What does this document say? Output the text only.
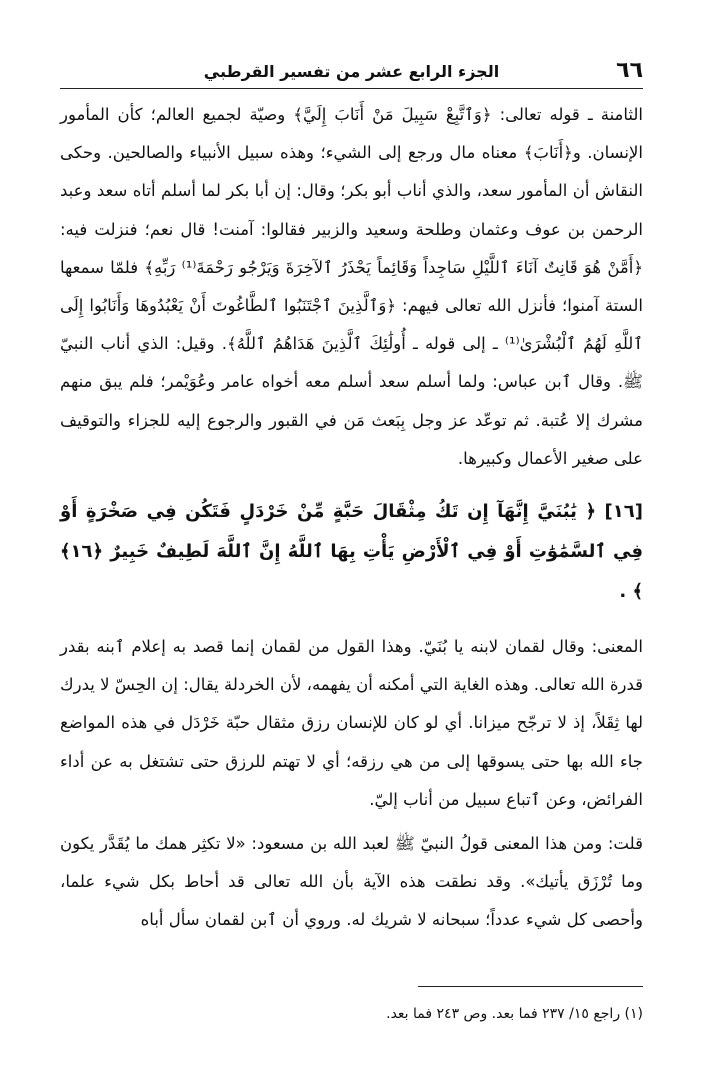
٦٦
الجزء الرابع عشر من تفسير القرطبي

الثامنة ـ قوله تعالى: ﴿وَٱتَّبِعْ سَبِيلَ مَنْ أَنَابَ إِلَيَّ﴾ وصيّة لجميع العالم؛ كأن المأمور الإنسان. و﴿أَنَابَ﴾ معناه مال ورجع إلى الشيء؛ وهذه سبيل الأنبياء والصالحين. وحكى النقاش أن المأمور سعد، والذي أناب أبو بكر؛ وقال: إن أبا بكر لما أسلم أتاه سعد وعبد الرحمن بن عوف وعثمان وطلحة وسعيد والزبير فقالوا: آمنت! قال نعم؛ فنزلت فيه: ﴿أَمَّنْ هُوَ قَانِتٌ آنَاءَ ٱللَّيْلِ سَاجِداً وَقَائِماً يَحْذَرُ ٱلآخِرَةَ وَيَرْجُو رَحْمَةَ⁽¹⁾ رَبِّهِ﴾ فلمّا سمعها الستة آمنوا؛ فأنزل الله تعالى فيهم: ﴿وَٱلَّذِينَ ٱجْتَنَبُوا ٱلطَّاغُوتَ أَنْ يَعْبُدُوهَا وَأَنَابُوا إِلَى ٱللَّهِ لَهُمُ ٱلْبُشْرَىٰ⁽¹⁾ ـ إلى قوله ـ أُولَٰئِكَ ٱلَّذِينَ هَدَاهُمُ ٱللَّهُ﴾. وقيل: الذي أناب النبيّ ﷺ. وقال ٱبن عباس: ولما أسلم سعد أسلم معه أخواه عامر وعُوَيْمر؛ فلم يبق منهم مشرك إلا عُتبة. ثم توعّد عز وجل بِبَعث مَن في القبور والرجوع إليه للجزاء والتوقيف على صغير الأعمال وكبيرها.

[١٦] ﴿ يَٰبُنَيَّ إِنَّهَآ إِن تَكُ مِثْقَالَ حَبَّةٍ مِّنْ خَرْدَلٍ فَتَكُن فِي صَخْرَةٍ أَوْ فِي ٱلسَّمَٰوَٰتِ أَوْ فِي ٱلْأَرْضِ يَأْتِ بِهَا ٱللَّهُ إِنَّ ٱللَّهَ لَطِيفٌ خَبِيرٌ ﴿١٦﴾ ﴾ .

المعنى: وقال لقمان لابنه يا بُنَيّ. وهذا القول من لقمان إنما قصد به إعلام ٱبنه بقدر قدرة الله تعالى. وهذه الغاية التي أمكنه أن يفهمه، لأن الخردلة يقال: إن الحِسّ لا يدرك لها ثِقَلاً، إذ لا ترجّح ميزانا. أي لو كان للإنسان رزق مثقال حبّة خَرْدَل في هذه المواضع جاء الله بها حتى يسوقها إلى من هي رزقه؛ أي لا تهتم للرزق حتى تشتغل به عن أداء الفرائض، وعن ٱتباع سبيل من أناب إليّ.

قلت: ومن هذا المعنى قولُ النبيّ ﷺ لعبد الله بن مسعود: «لا تكثِر همك ما يُقَدَّر يكون وما تُرْزَق يأتيك». وقد نطقت هذه الآية بأن الله تعالى قد أحاط بكل شيء علما، وأحصى كل شيء عدداً؛ سبحانه لا شريك له. وروي أن ٱبن لقمان سأل أباه

(١) راجع ١٥/ ٢٣٧ فما بعد. وص ٢٤٣ فما بعد.
